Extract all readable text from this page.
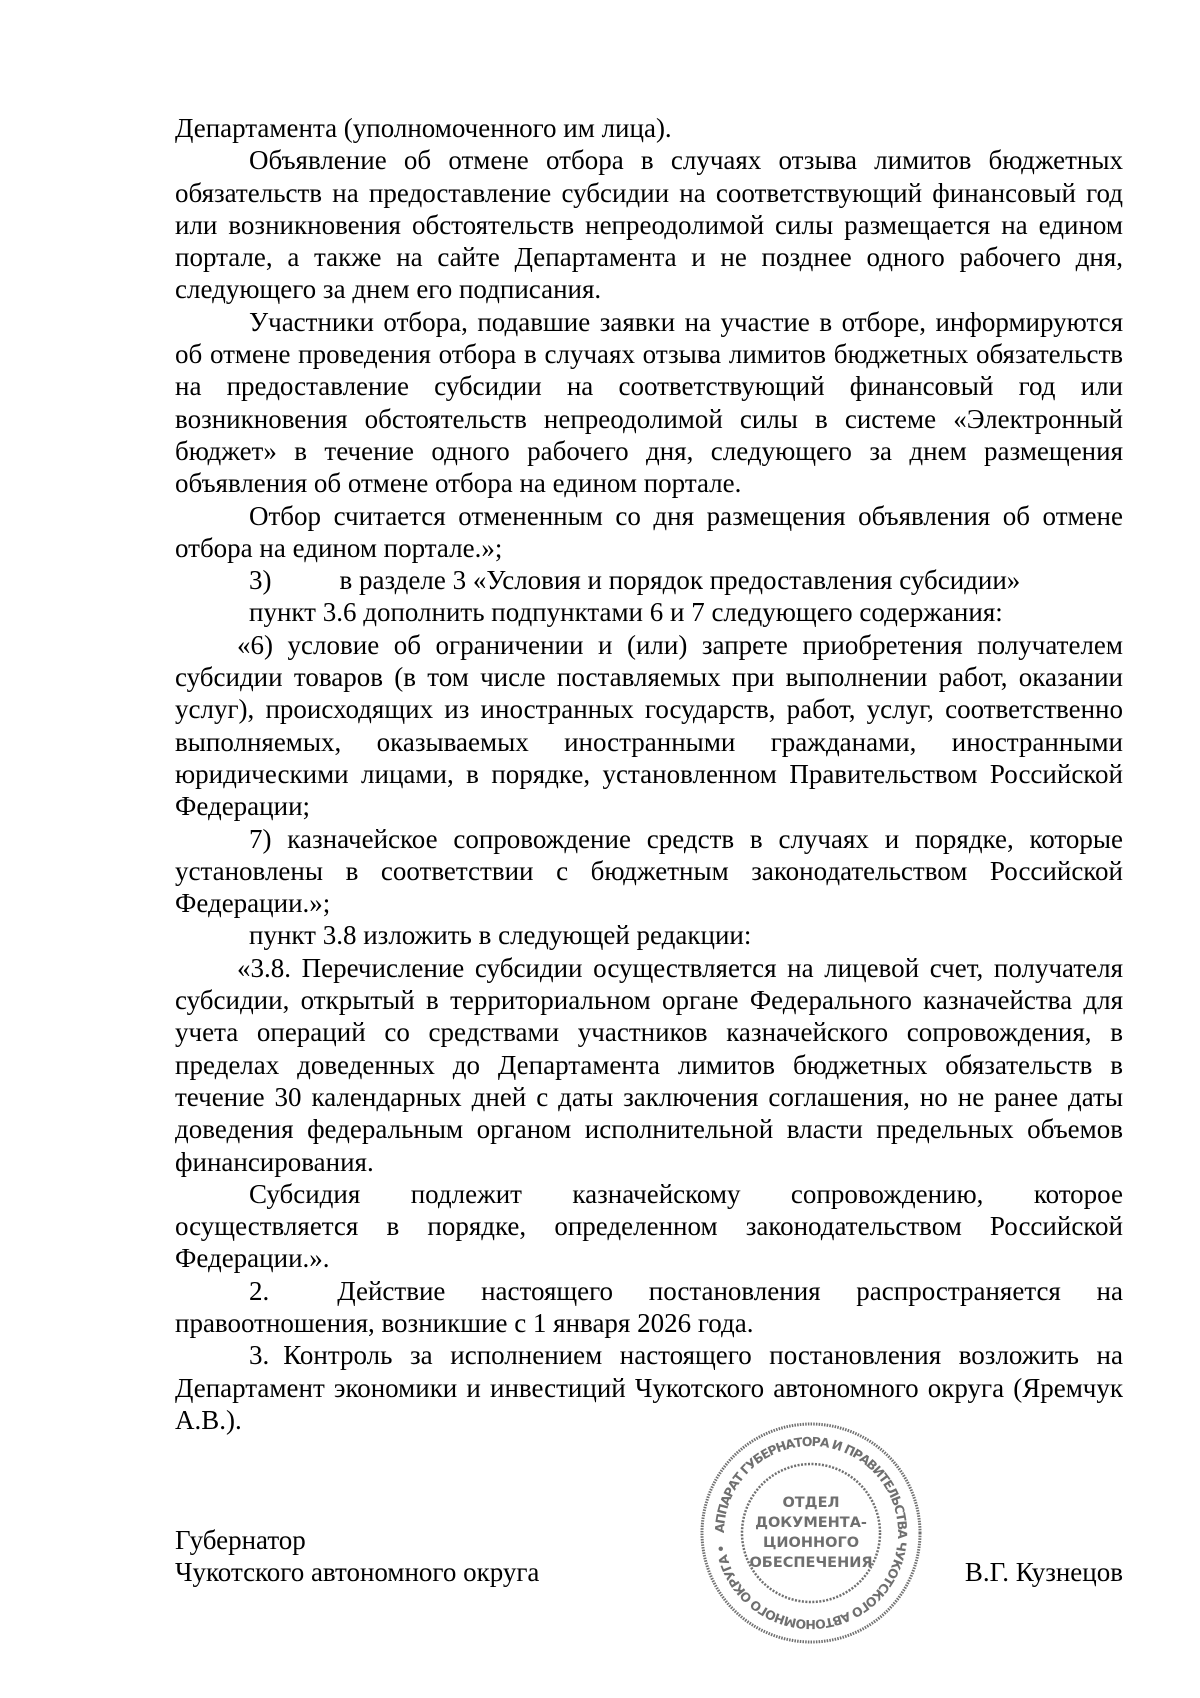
Департамента (уполномоченного им лица).

Объявление об отмене отбора в случаях отзыва лимитов бюджетных обязательств на предоставление субсидии на соответствующий финансовый год или возникновения обстоятельств непреодолимой силы размещается на едином портале, а также на сайте Департамента и не позднее одного рабочего дня, следующего за днем его подписания.

Участники отбора, подавшие заявки на участие в отборе, информируются об отмене проведения отбора в случаях отзыва лимитов бюджетных обязательств на предоставление субсидии на соответствующий финансовый год или возникновения обстоятельств непреодолимой силы в системе «Электронный бюджет» в течение одного рабочего дня, следующего за днем размещения объявления об отмене отбора на едином портале.

Отбор считается отмененным со дня размещения объявления об отмене отбора на едином портале.»;

3)	в разделе 3 «Условия и порядок предоставления субсидии»

пункт 3.6 дополнить подпунктами 6 и 7 следующего содержания:

«6) условие об ограничении и (или) запрете приобретения получателем субсидии товаров (в том числе поставляемых при выполнении работ, оказании услуг), происходящих из иностранных государств, работ, услуг, соответственно выполняемых, оказываемых иностранными гражданами, иностранными юридическими лицами, в порядке, установленном Правительством Российской Федерации;

7) казначейское сопровождение средств в случаях и порядке, которые установлены в соответствии с бюджетным законодательством Российской Федерации.»;

пункт 3.8 изложить в следующей редакции:

«3.8. Перечисление субсидии осуществляется на лицевой счет, получателя субсидии, открытый в территориальном органе Федерального казначейства для учета операций со средствами участников казначейского сопровождения, в пределах доведенных до Департамента лимитов бюджетных обязательств в течение 30 календарных дней с даты заключения соглашения, но не ранее даты доведения федеральным органом исполнительной власти предельных объемов финансирования.

Субсидия подлежит казначейскому сопровождению, которое осуществляется в порядке, определенном законодательством Российской Федерации.».

2.	Действие настоящего постановления распространяется на

правоотношения, возникшие с 1 января 2026 года.

3. Контроль за исполнением настоящего постановления возложить на Департамент экономики и инвестиций Чукотского автономного округа (Яремчук А.В.).

Губернатор
Чукотского автономного округа	В.Г. Кузнецов
АППАРАТ ГУБЕРНАТОРА И ПРАВИТЕЛЬСТВА ЧУКОТСКОГО АВТОНОМНОГО ОКРУГА •
ОТДЕЛ
ДОКУМЕНТА-
ЦИОННОГО
ОБЕСПЕЧЕНИЯ
